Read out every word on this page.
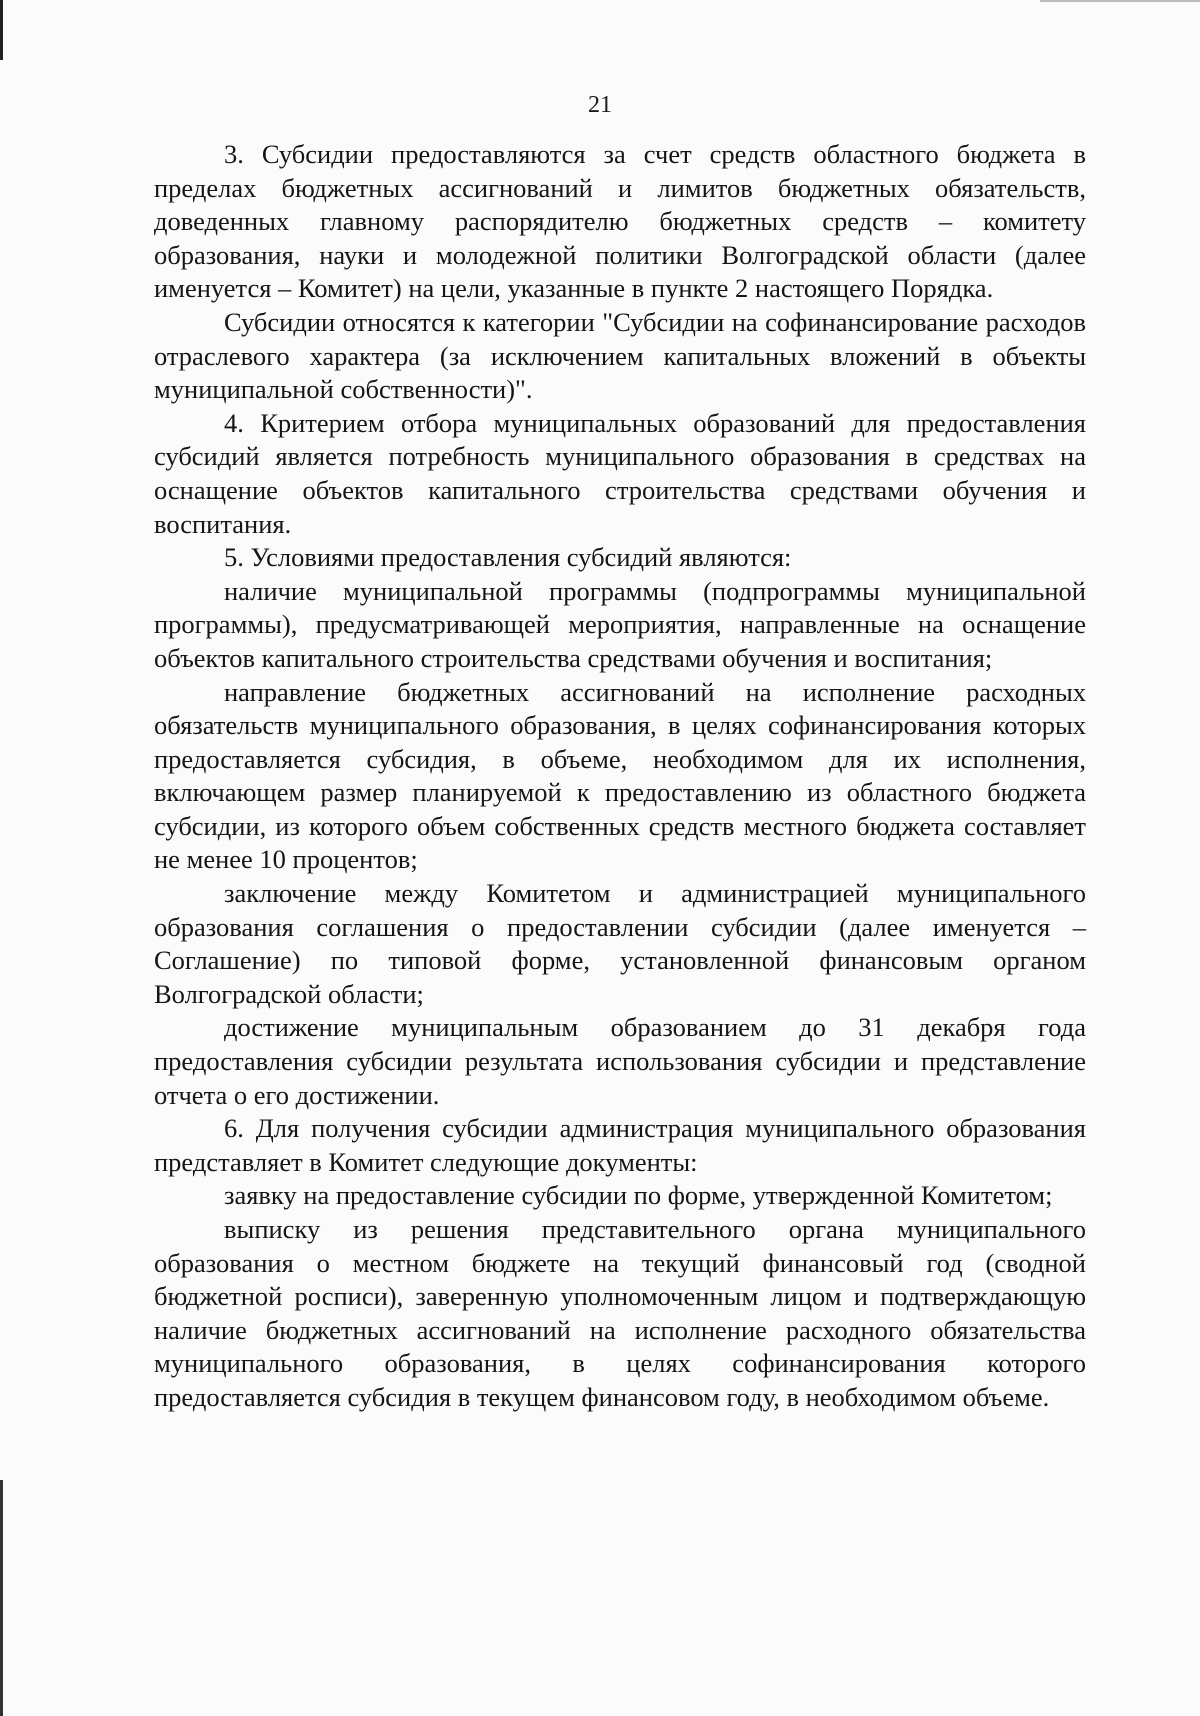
21

3. Субсидии предоставляются за счет средств областного бюджета в пределах бюджетных ассигнований и лимитов бюджетных обязательств, доведенных главному распорядителю бюджетных средств – комитету образования, науки и молодежной политики Волгоградской области (далее именуется – Комитет) на цели, указанные в пункте 2 настоящего Порядка.

Субсидии относятся к категории "Субсидии на софинансирование расходов отраслевого характера (за исключением капитальных вложений в объекты муниципальной собственности)".

4. Критерием отбора муниципальных образований для предоставления субсидий является потребность муниципального образования в средствах на оснащение объектов капитального строительства средствами обучения и воспитания.

5. Условиями предоставления субсидий являются:

наличие муниципальной программы (подпрограммы муниципальной программы), предусматривающей мероприятия, направленные на оснащение объектов капитального строительства средствами обучения и воспитания;

направление бюджетных ассигнований на исполнение расходных обязательств муниципального образования, в целях софинансирования которых предоставляется субсидия, в объеме, необходимом для их исполнения, включающем размер планируемой к предоставлению из областного бюджета субсидии, из которого объем собственных средств местного бюджета составляет не менее 10 процентов;

заключение между Комитетом и администрацией муниципального образования соглашения о предоставлении субсидии (далее именуется – Соглашение) по типовой форме, установленной финансовым органом Волгоградской области;

достижение муниципальным образованием до 31 декабря года предоставления субсидии результата использования субсидии и представление отчета о его достижении.

6. Для получения субсидии администрация муниципального образования представляет в Комитет следующие документы:

заявку на предоставление субсидии по форме, утвержденной Комитетом;

выписку из решения представительного органа муниципального образования о местном бюджете на текущий финансовый год (сводной бюджетной росписи), заверенную уполномоченным лицом и подтверждающую наличие бюджетных ассигнований на исполнение расходного обязательства муниципального образования, в целях софинансирования которого предоставляется субсидия в текущем финансовом году, в необходимом объеме.
